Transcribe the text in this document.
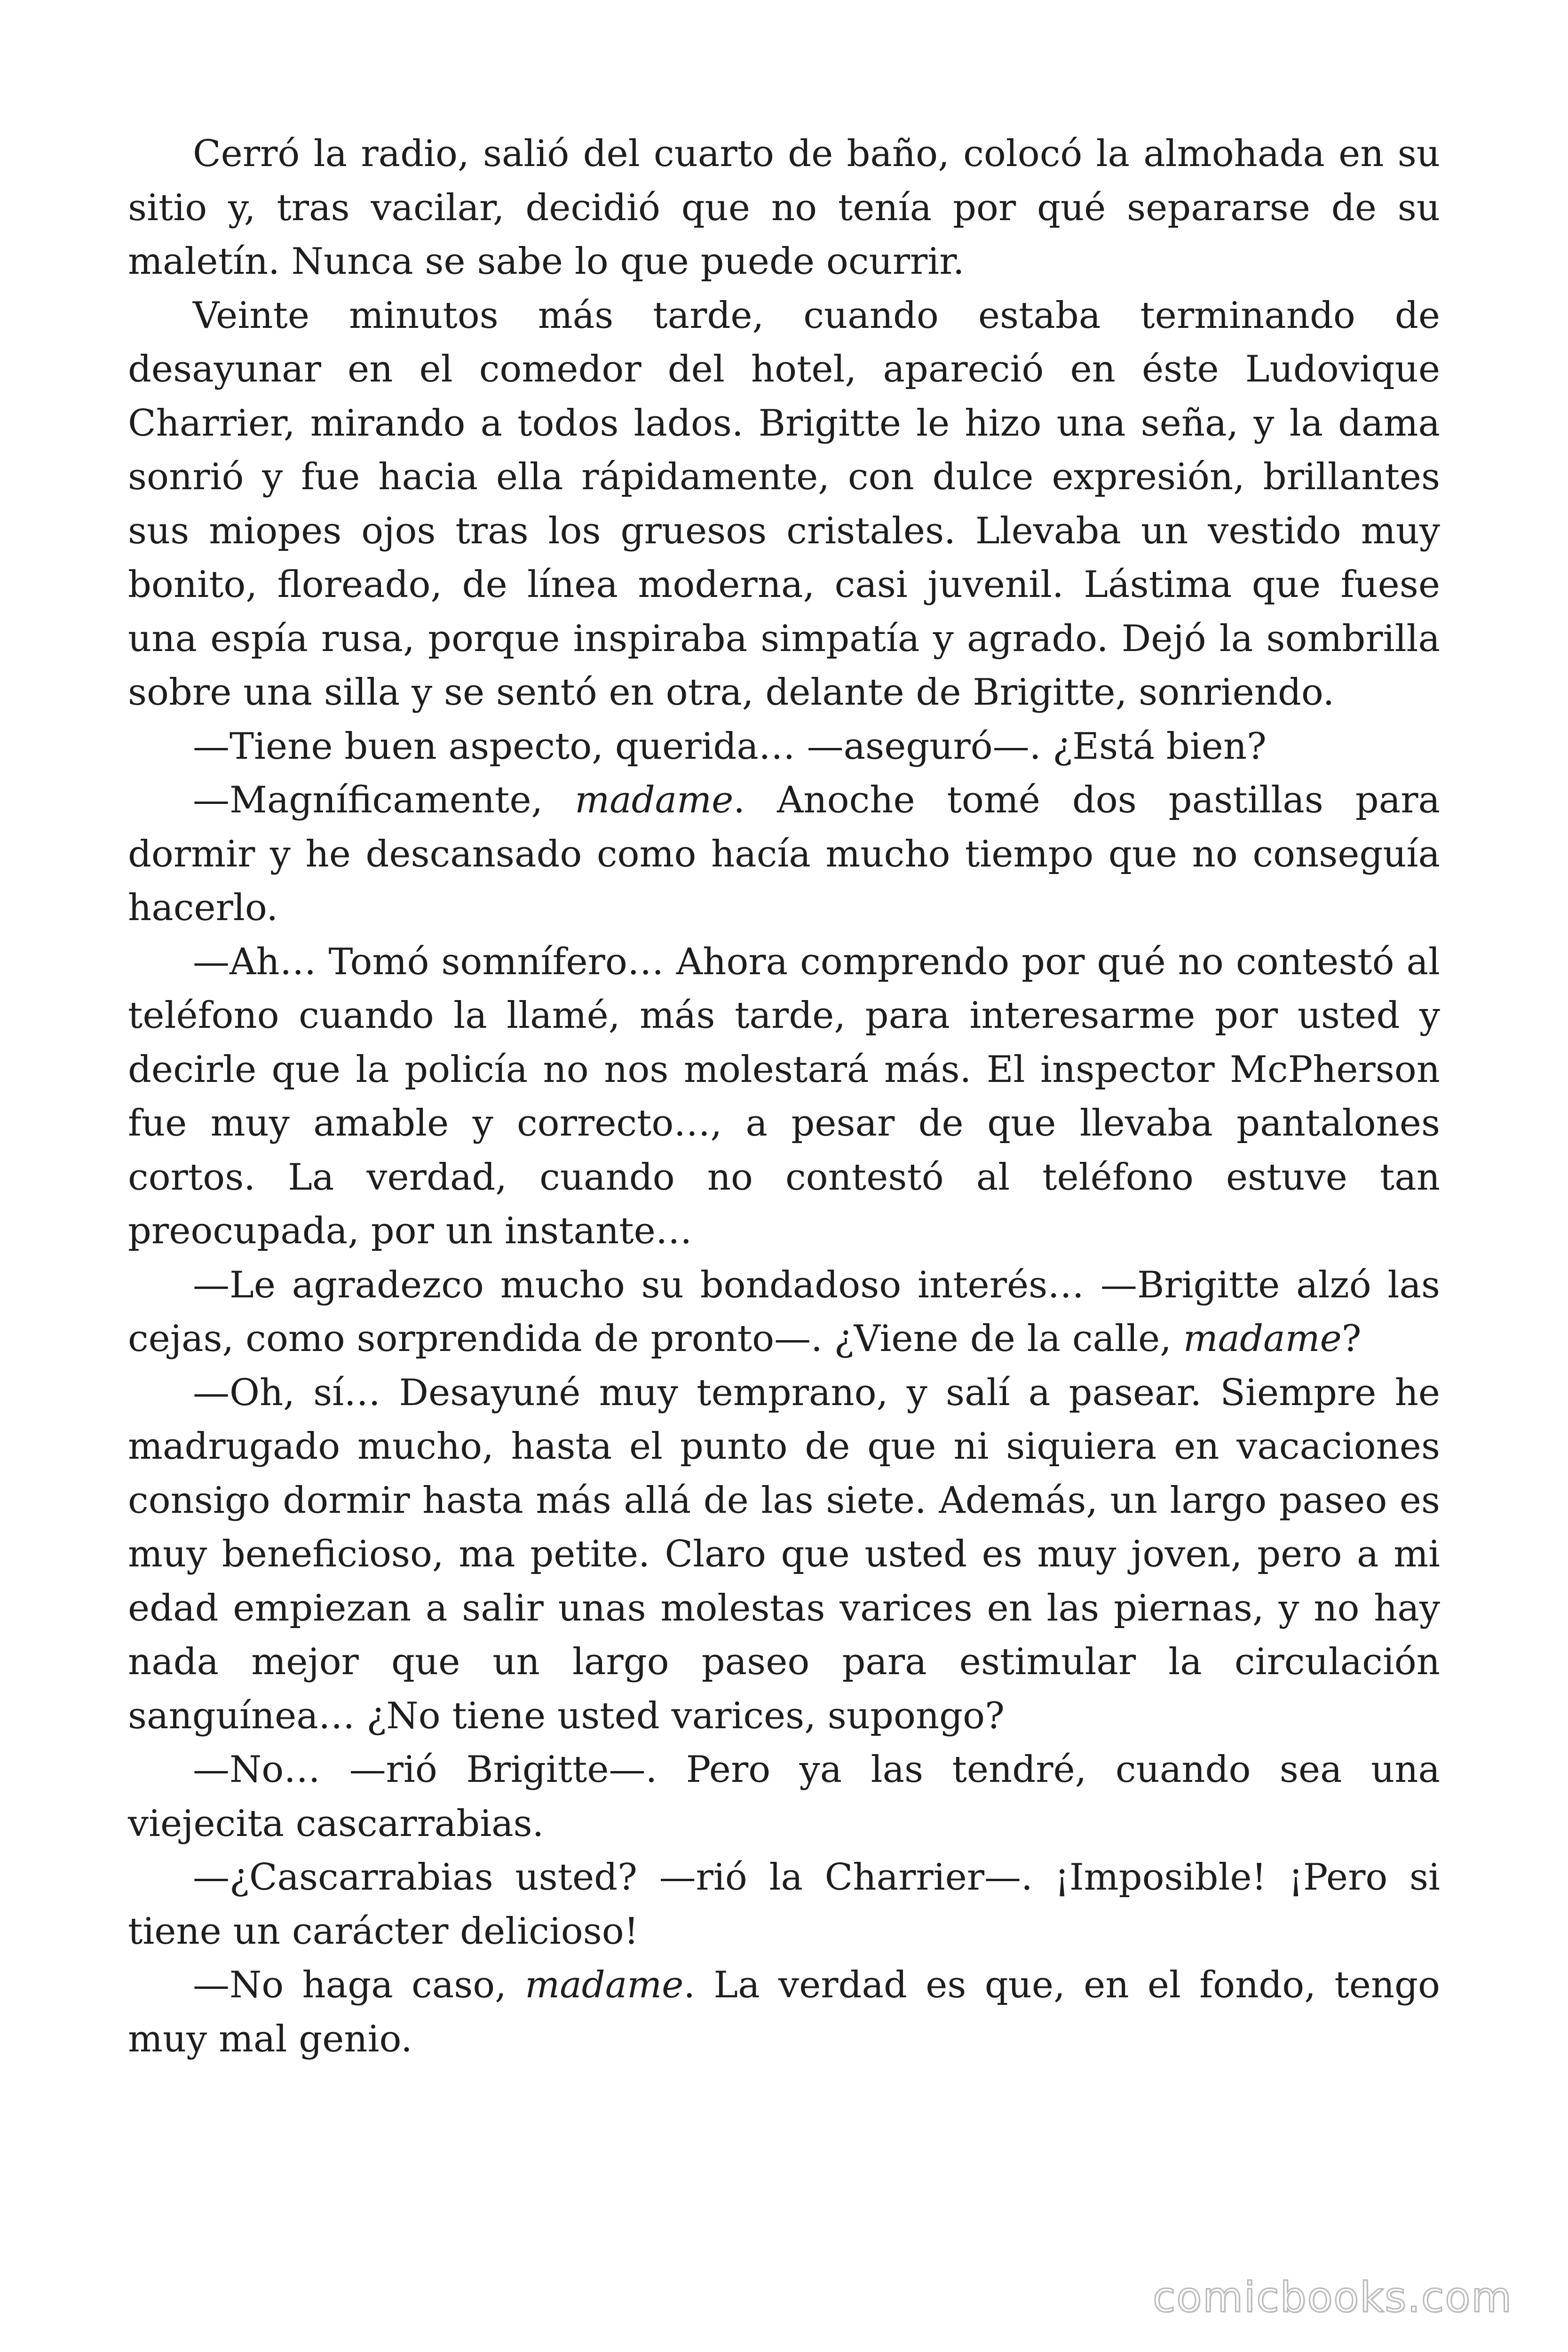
Cerró la radio, salió del cuarto de baño, colocó la almohada en su sitio y, tras vacilar, decidió que no tenía por qué separarse de su maletín. Nunca se sabe lo que puede ocurrir.

Veinte minutos más tarde, cuando estaba terminando de desayunar en el comedor del hotel, apareció en éste Ludovique Charrier, mirando a todos lados. Brigitte le hizo una seña, y la dama sonrió y fue hacia ella rápidamente, con dulce expresión, brillantes sus miopes ojos tras los gruesos cristales. Llevaba un vestido muy bonito, floreado, de línea moderna, casi juvenil. Lástima que fuese una espía rusa, porque inspiraba simpatía y agrado. Dejó la sombrilla sobre una silla y se sentó en otra, delante de Brigitte, sonriendo.

—Tiene buen aspecto, querida… —aseguró—. ¿Está bien?

—Magníficamente, madame. Anoche tomé dos pastillas para dormir y he descansado como hacía mucho tiempo que no conseguía hacerlo.

—Ah… Tomó somnífero… Ahora comprendo por qué no contestó al teléfono cuando la llamé, más tarde, para interesarme por usted y decirle que la policía no nos molestará más. El inspector McPherson fue muy amable y correcto…, a pesar de que llevaba pantalones cortos. La verdad, cuando no contestó al teléfono estuve tan preocupada, por un instante…

—Le agradezco mucho su bondadoso interés… —Brigitte alzó las cejas, como sorprendida de pronto—. ¿Viene de la calle, madame?

—Oh, sí… Desayuné muy temprano, y salí a pasear. Siempre he madrugado mucho, hasta el punto de que ni siquiera en vacaciones consigo dormir hasta más allá de las siete. Además, un largo paseo es muy beneficioso, ma petite. Claro que usted es muy joven, pero a mi edad empiezan a salir unas molestas varices en las piernas, y no hay nada mejor que un largo paseo para estimular la circulación sanguínea… ¿No tiene usted varices, supongo?

—No… —rió Brigitte—. Pero ya las tendré, cuando sea una viejecita cascarrabias.

—¿Cascarrabias usted? —rió la Charrier—. ¡Imposible! ¡Pero si tiene un carácter delicioso!

—No haga caso, madame. La verdad es que, en el fondo, tengo muy mal genio.

comicbooks.com
